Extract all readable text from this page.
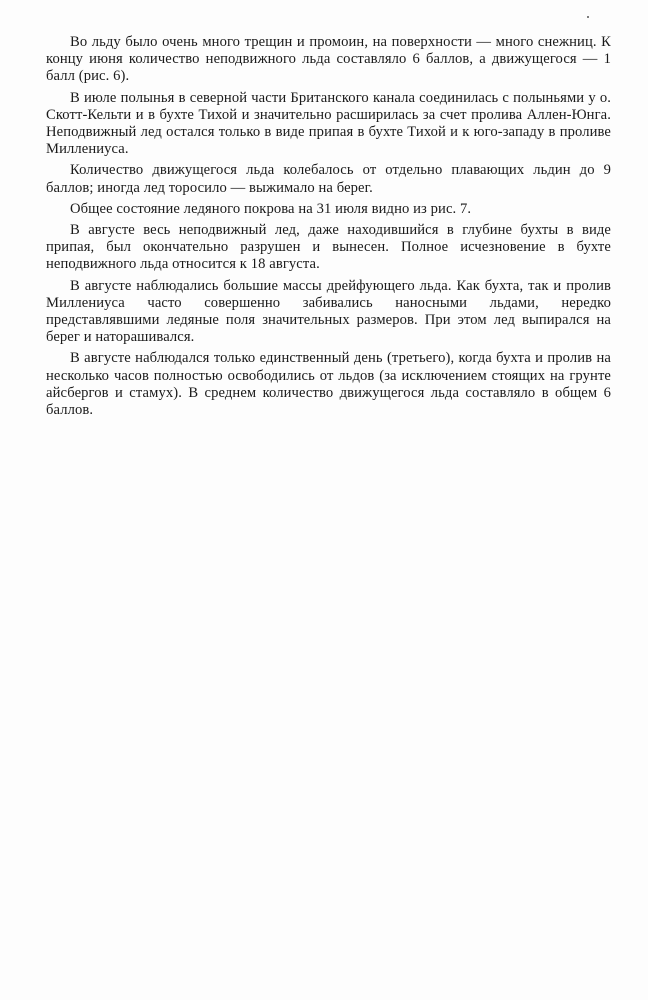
Во льду было очень много трещин и промоин, на поверхности — много снежниц. К концу июня количество неподвижного льда составляло 6 баллов, а движущегося — 1 балл (рис. 6).

В июле полынья в северной части Британского канала соединилась с полыньями у о. Скотт-Кельти и в бухте Тихой и значительно расширилась за счет пролива Аллен-Юнга. Неподвижный лед остался только в виде припая в бухте Тихой и к юго-западу в проливе Миллениуса.

Количество движущегося льда колебалось от отдельно плавающих льдин до 9 баллов; иногда лед торосило — выжимало на берег.

Общее состояние ледяного покрова на 31 июля видно из рис. 7.

В августе весь неподвижный лед, даже находившийся в глубине бухты в виде припая, был окончательно разрушен и вынесен. Полное исчезновение в бухте неподвижного льда относится к 18 августа.

В августе наблюдались большие массы дрейфующего льда. Как бухта, так и пролив Миллениуса часто совершенно забивались наносными льдами, нередко представлявшими ледяные поля значительных размеров. При этом лед выпирался на берег и наторашивался.

В августе наблюдался только единственный день (третьего), когда бухта и пролив на несколько часов полностью освободились от льдов (за исключением стоящих на грунте айсбергов и стамух). В среднем количество движущегося льда составляло в общем 6 баллов.
